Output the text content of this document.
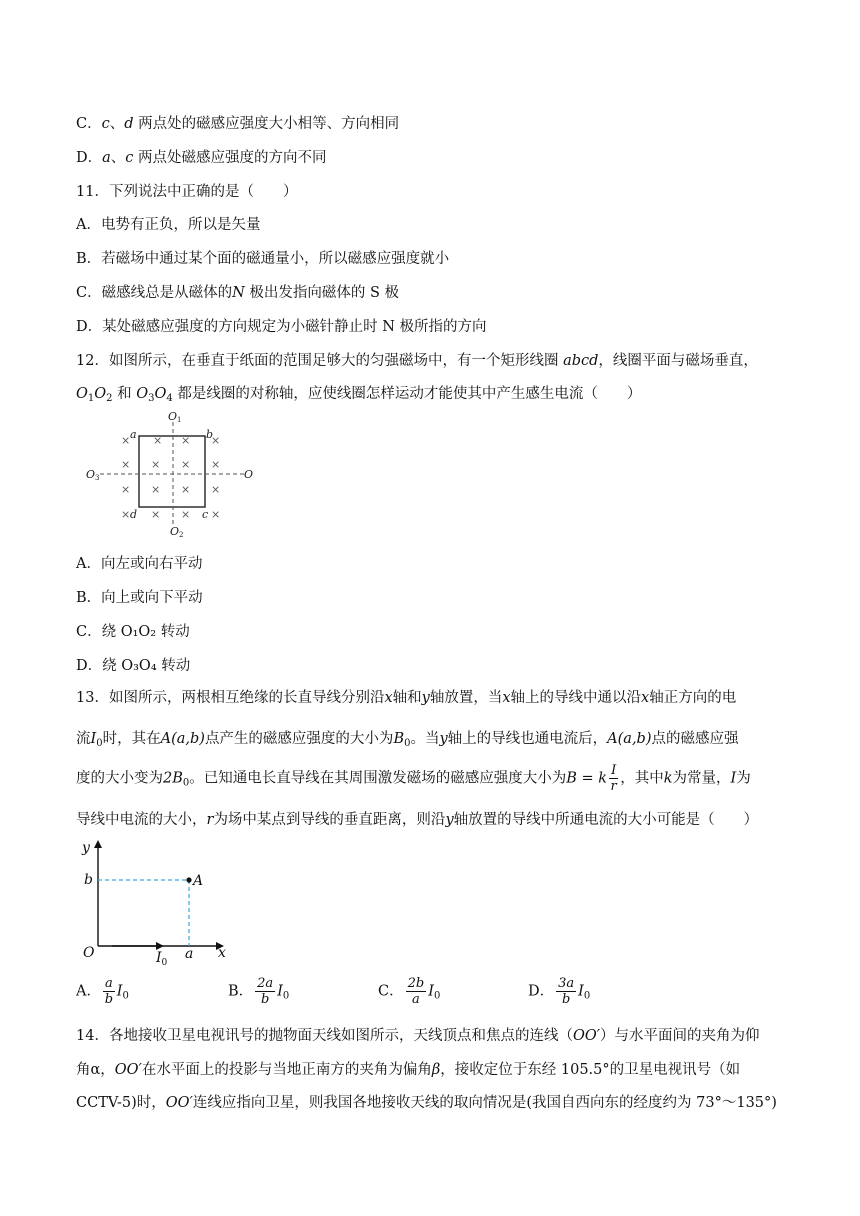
C．c、d 两点处的磁感应强度大小相等、方向相同
D．a、c 两点处磁感应强度的方向不同
11．下列说法中正确的是（　　）
A．电势有正负，所以是矢量
B．若磁场中通过某个面的磁通量小，所以磁感应强度就小
C．磁感线总是从磁体的N 极出发指向磁体的 S 极
D．某处磁感应强度的方向规定为小磁针静止时 N 极所指的方向
12．如图所示，在垂直于纸面的范围足够大的匀强磁场中，有一个矩形线圈 abcd，线圈平面与磁场垂直，
$O_1O_2$ 和 $O_3O_4$ 都是线圈的对称轴，应使线圈怎样运动才能使其中产生感生电流（　　）
× × × ×
× × × ×
× × × ×
× × × ×
O1
O2
O3	O
a	b
c
d
A．向左或向右平动
B．向上或向下平动
C．绕 O₁O₂ 转动
D．绕 O₃O₄ 转动
13．如图所示，两根相互绝缘的长直导线分别沿x轴和y轴放置，当x轴上的导线中通以沿x轴正方向的电
流$I_0$时，其在A(a,b)点产生的磁感应强度的大小为$B_0$。当y轴上的导线也通电流后，A(a,b)点的磁感应强
度的大小变为$2B_0$。已知通电长直导线在其周围激发磁场的磁感应强度大小为B = k $\frac{I}{r}$ ，其中k为常量，I为
导线中电流的大小，r为场中某点到导线的垂直距离，则沿y轴放置的导线中所通电流的大小可能是（　　）
y
b	A
O	a x
$I_0$
A． $\frac{a}{b} I_0$	B． $\frac{2a}{b} I_0$	C． $\frac{2b}{a} I_0$	D． $\frac{3a}{b} I_0$
14．各地接收卫星电视讯号的抛物面天线如图所示，天线顶点和焦点的连线（OO′）与水平面间的夹角为仰
角α，OO′在水平面上的投影与当地正南方的夹角为偏角β，接收定位于东经 105.5°的卫星电视讯号（如
CCTV-5)时，OO′连线应指向卫星，则我国各地接收天线的取向情况是(我国自西向东的经度约为 73°～135°)
